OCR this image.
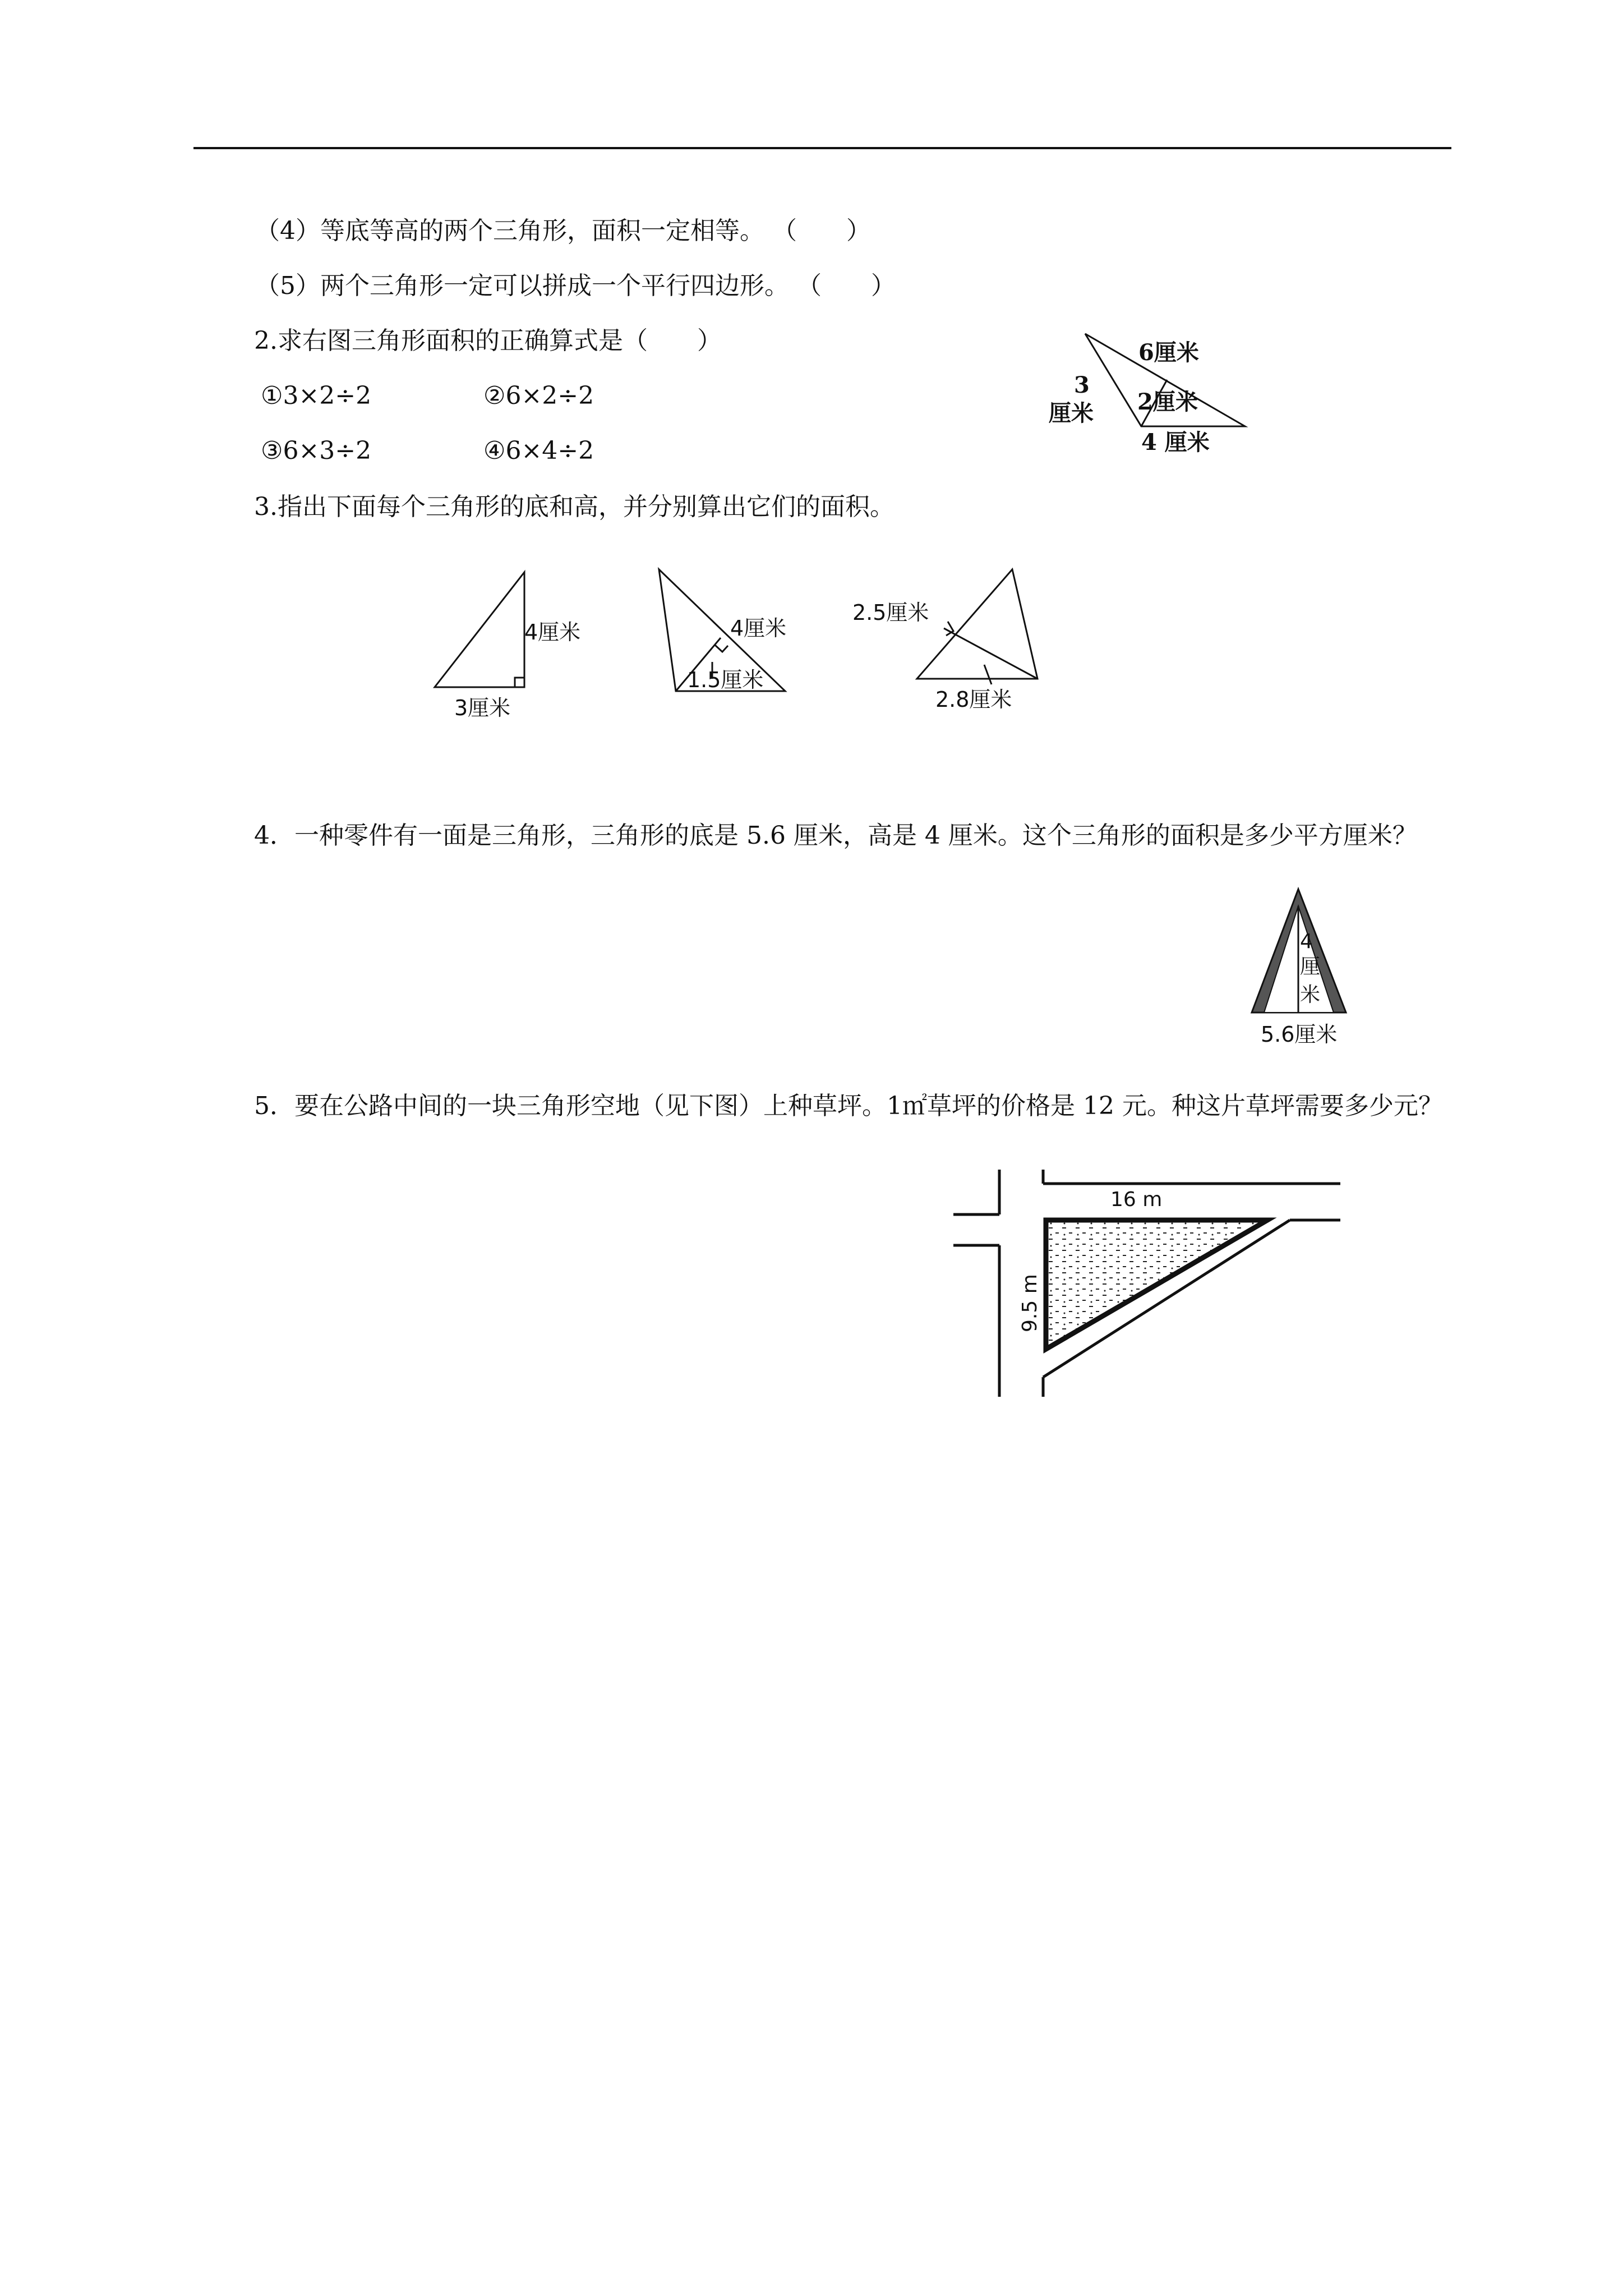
（4）等底等高的两个三角形，面积一定相等。 （　　）
（5）两个三角形一定可以拼成一个平行四边形。 （　　）
2.求右图三角形面积的正确算式是（　　）
①3×2÷2	②6×2÷2
③6×3÷2	④6×4÷2
6厘米
3
厘米 2厘米
4 厘米
3.指出下面每个三角形的底和高，并分别算出它们的面积。
4厘米
3厘米
4厘米
1.5厘米
2.5厘米
2.8厘米
4．一种零件有一面是三角形，三角形的底是 5.6 厘米，高是 4 厘米。这个三角形的面积是多少平方厘米？
4
厘
米
5.6厘米
5．要在公路中间的一块三角形空地（见下图）上种草坪。1㎡草坪的价格是 12 元。种这片草坪需要多少元？
16 m
9.5 m
